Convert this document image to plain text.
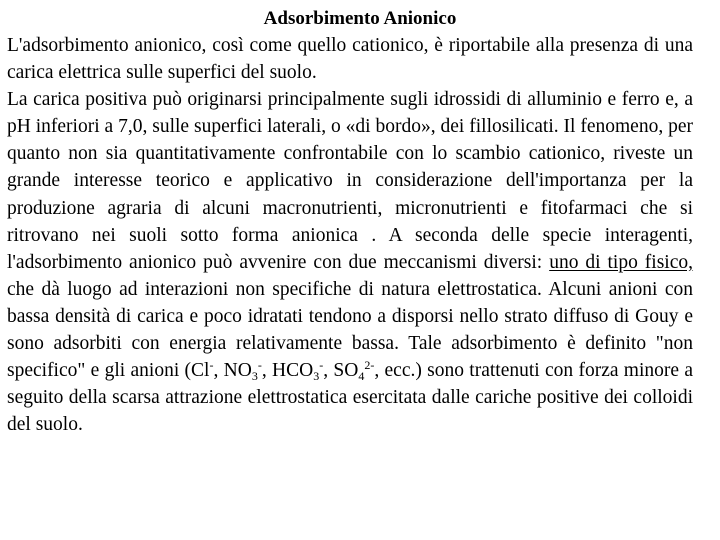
Adsorbimento Anionico

L'adsorbimento anionico, così come quello cationico, è riportabile alla presenza di una carica elettrica sulle superfici del suolo.

La carica positiva può originarsi principalmente sugli idrossidi di alluminio e ferro e, a pH inferiori a 7,0, sulle superfici laterali, o «di bordo», dei fillosilicati. Il fenomeno, per quanto non sia quantitativamente confrontabile con lo scambio cationico, riveste un grande interesse teorico e applicativo in considerazione dell'importanza per la produzione agraria di alcuni macronutrienti, micronutrienti e fitofarmaci che si ritrovano nei suoli sotto forma anionica . A seconda delle specie interagenti, l'adsorbimento anionico può avvenire con due meccanismi diversi: uno di tipo fisico, che dà luogo ad interazioni non specifiche di natura elettrostatica. Alcuni anioni con bassa densità di carica e poco idratati tendono a disporsi nello strato diffuso di Gouy e sono adsorbiti con energia relativamente bassa. Tale adsorbimento è definito "non specifico" e gli anioni (Cl-, $NO_3^-$, $HCO_3^-$, $SO_4^{2-}$, ecc.) sono trattenuti con forza minore a seguito della scarsa attrazione elettrostatica esercitata dalle cariche positive dei colloidi del suolo.
